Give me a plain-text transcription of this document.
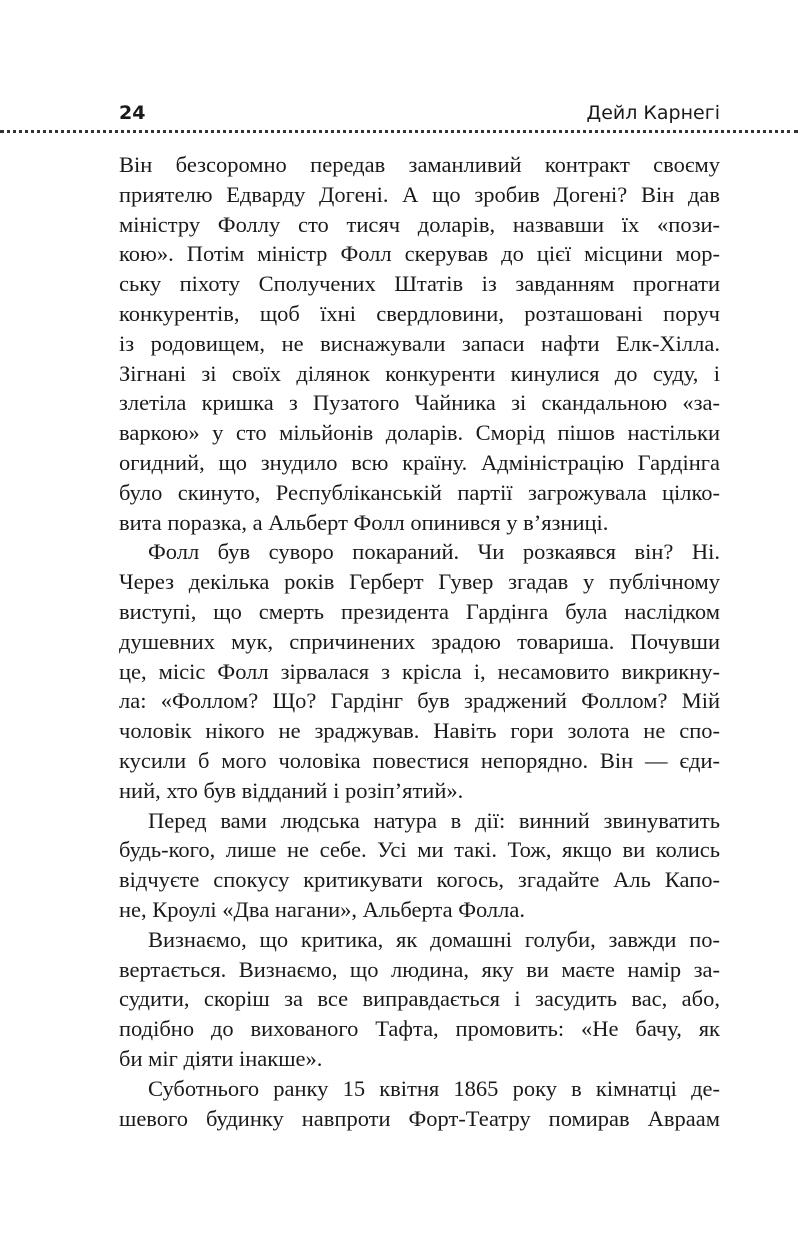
24	Дейл Карнегі
Він безсоромно передав заманливий контракт своєму
приятелю Едварду Догені. А що зробив Догені? Він дав
міністру Фоллу сто тисяч доларів, назвавши їх «пози-
кою». Потім міністр Фолл скерував до цієї місцини мор-
ську піхоту Сполучених Штатів із завданням прогнати
конкурентів, щоб їхні свердловини, розташовані поруч
із родовищем, не виснажували запаси нафти Елк-Хілла.
Зігнані зі своїх ділянок конкуренти кинулися до суду, і
злетіла кришка з Пузатого Чайника зі скандальною «за-
варкою» у сто мільйонів доларів. Сморід пішов настільки
огидний, що знудило всю країну. Адміністрацію Гардінга
було скинуто, Республіканській партії загрожувала цілко-
вита поразка, а Альберт Фолл опинився у в’язниці.
Фолл був суворо покараний. Чи розкаявся він? Ні.
Через декілька років Герберт Гувер згадав у публічному
виступі, що смерть президента Гардінга була наслідком
душевних мук, спричинених зрадою товариша. Почувши
це, місіс Фолл зірвалася з крісла і, несамовито викрикну-
ла: «Фоллом? Що? Гардінг був зраджений Фоллом? Мій
чоловік нікого не зраджував. Навіть гори золота не спо-
кусили б мого чоловіка повестися непорядно. Він — єди-
ний, хто був відданий і розіп’ятий».
Перед вами людська натура в дії: винний звинуватить
будь-кого, лише не себе. Усі ми такі. Тож, якщо ви колись
відчуєте спокусу критикувати когось, згадайте Аль Капо-
не, Кроулі «Два нагани», Альберта Фолла.
Визнаємо, що критика, як домашні голуби, завжди по-
вертається. Визнаємо, що людина, яку ви маєте намір за-
судити, скоріш за все виправдається і засудить вас, або,
подібно до вихованого Тафта, промовить: «Не бачу, як
би міг діяти інакше».
Суботнього ранку 15 квітня 1865 року в кімнатці де-
шевого будинку навпроти Форт-Театру помирав Авраам
